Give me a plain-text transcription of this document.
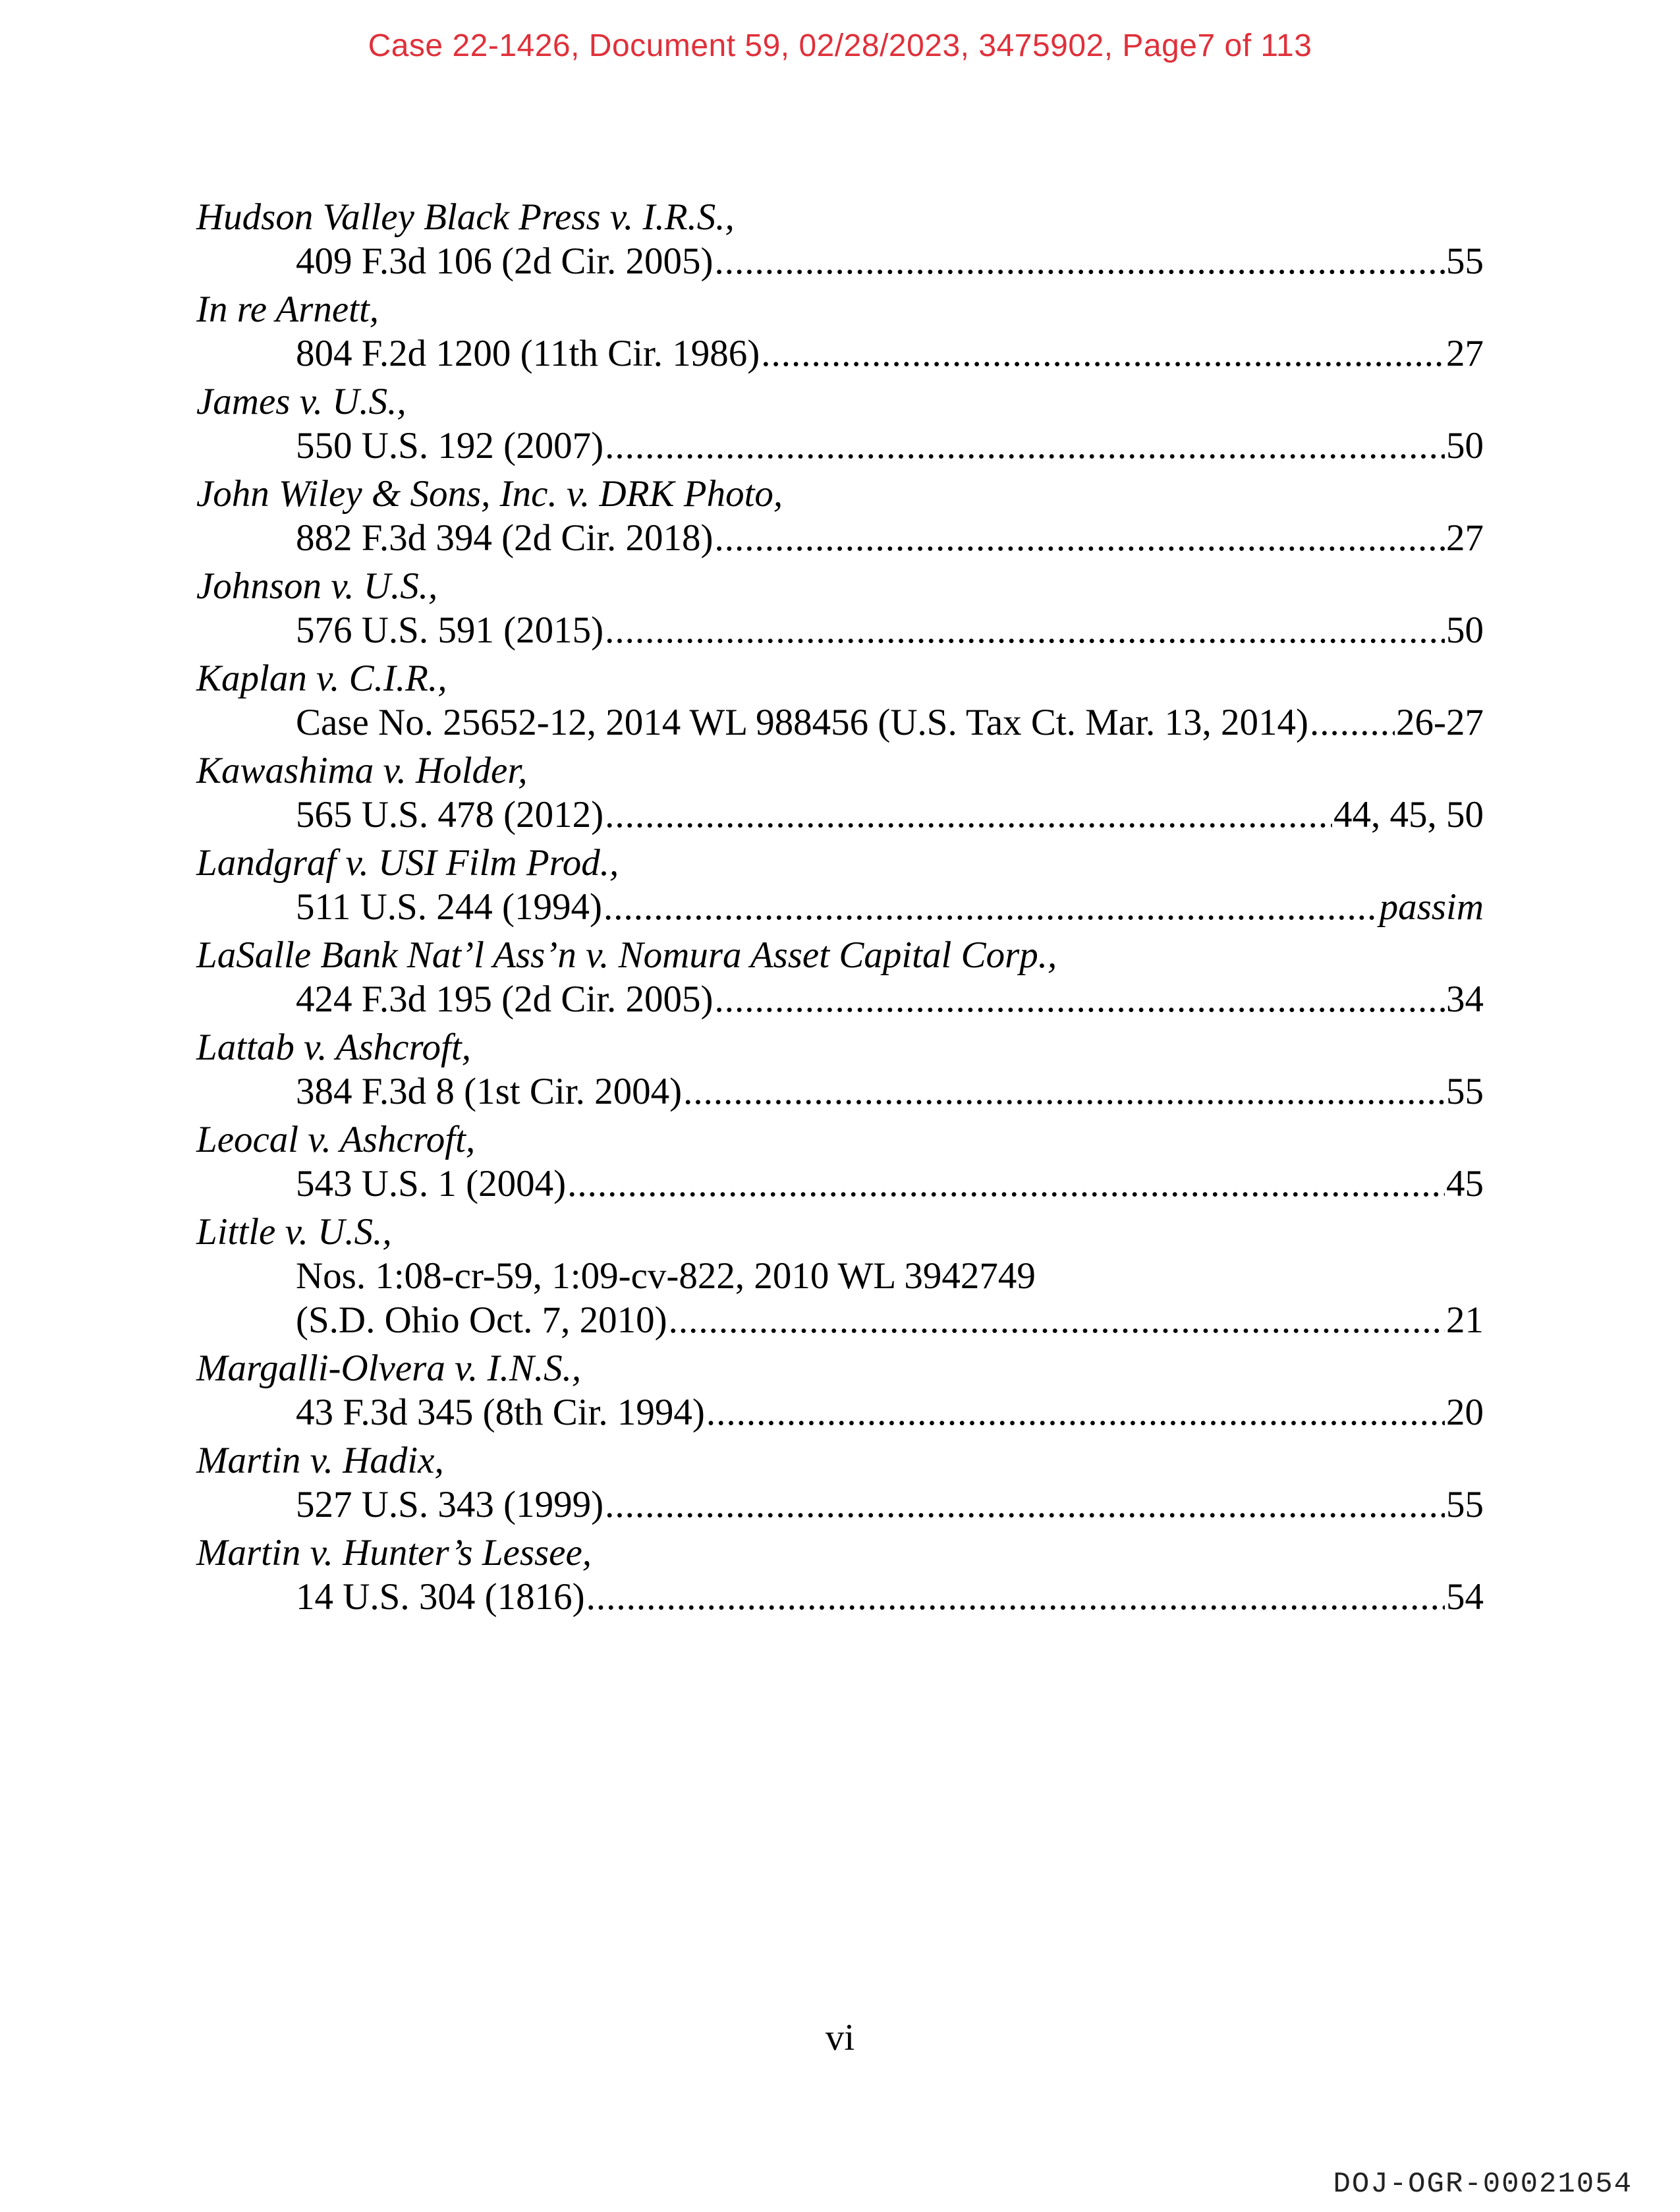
Case 22-1426, Document 59, 02/28/2023, 3475902, Page7 of 113
Hudson Valley Black Press v. I.R.S.,
409 F.3d 106 (2d Cir. 2005) .....	55
In re Arnett,
804 F.2d 1200 (11th Cir. 1986) .....	27
James v. U.S.,
550 U.S. 192 (2007) .....	50
John Wiley & Sons, Inc. v. DRK Photo,
882 F.3d 394 (2d Cir. 2018) .....	27
Johnson v. U.S.,
576 U.S. 591 (2015) .....	50
Kaplan v. C.I.R.,
Case No. 25652-12, 2014 WL 988456 (U.S. Tax Ct. Mar. 13, 2014) ..... 26-27
Kawashima v. Holder,
565 U.S. 478 (2012) .....	44, 45, 50
Landgraf v. USI Film Prod.,
511 U.S. 244 (1994) .....	passim
LaSalle Bank Nat’l Ass’n v. Nomura Asset Capital Corp.,
424 F.3d 195 (2d Cir. 2005) .....	34
Lattab v. Ashcroft,
384 F.3d 8 (1st Cir. 2004) .....	55
Leocal v. Ashcroft,
543 U.S. 1 (2004) .....	45
Little v. U.S.,
Nos. 1:08-cr-59, 1:09-cv-822, 2010 WL 3942749
(S.D. Ohio Oct. 7, 2010) .....	21
Margalli-Olvera v. I.N.S.,
43 F.3d 345 (8th Cir. 1994) .....	20
Martin v. Hadix,
527 U.S. 343 (1999) .....	55
Martin v. Hunter’s Lessee,
14 U.S. 304 (1816) .....	54
vi
DOJ-OGR-00021054
